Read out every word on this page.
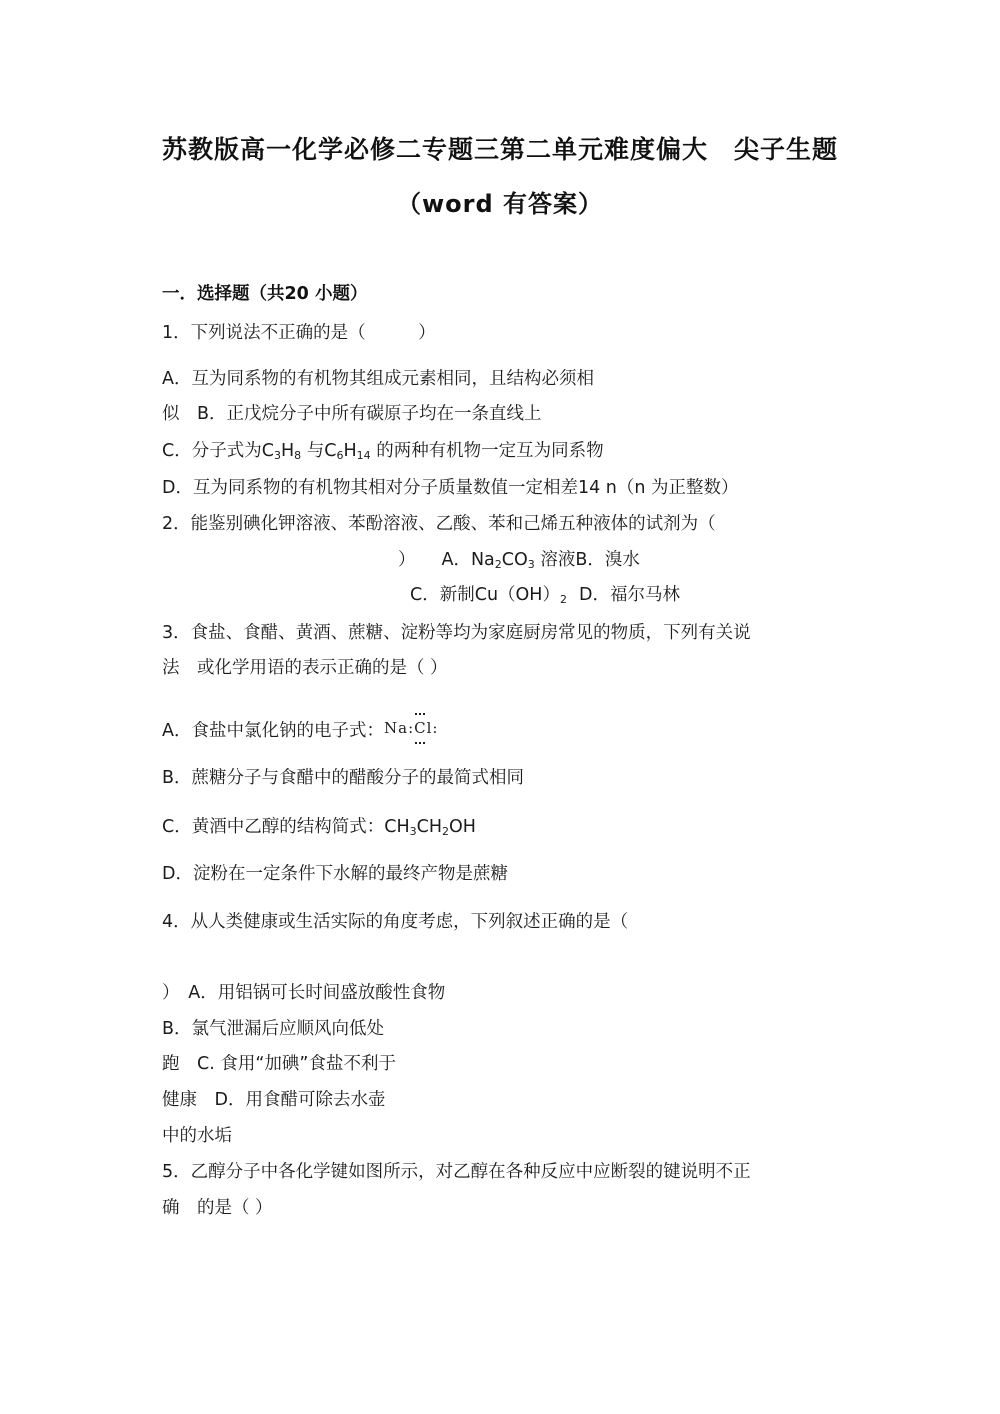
苏教版高一化学必修二专题三第二单元难度偏大　尖子生题
（word 有答案）
一．选择题（共20 小题）
1．下列说法不正确的是（　　　）
A．互为同系物的有机物其组成元素相同，且结构必须相
似　B．正戊烷分子中所有碳原子均在一条直线上
C．分子式为$C_3H_8$ 与$C_6H_{14}$ 的两种有机物一定互为同系物
D．互为同系物的有机物其相对分子质量数值一定相差14 n（n 为正整数）
2．能鉴别碘化钾溶液、苯酚溶液、乙酸、苯和己烯五种液体的试剂为（
） A．$Na_2CO_3$ 溶液B．溴水
C．新制$Cu(OH)_2$ D．福尔马林
3．食盐、食醋、黄酒、蔗糖、淀粉等均为家庭厨房常见的物质，下列有关说
法　或化学用语的表示正确的是（ ）
A．食盐中氯化钠的电子式：Na:Cl:
B．蔗糖分子与食醋中的醋酸分子的最简式相同
C．黄酒中乙醇的结构简式：$CH_3CH_2OH$
D．淀粉在一定条件下水解的最终产物是蔗糖
4．从人类健康或生活实际的角度考虑，下列叙述正确的是（
）　A．用铝锅可长时间盛放酸性食物
B．氯气泄漏后应顺风向低处
跑　C. 食用“加碘”食盐不利于
健康　D．用食醋可除去水壶
中的水垢
5．乙醇分子中各化学键如图所示，对乙醇在各种反应中应断裂的键说明不正
确　的是（ ）
